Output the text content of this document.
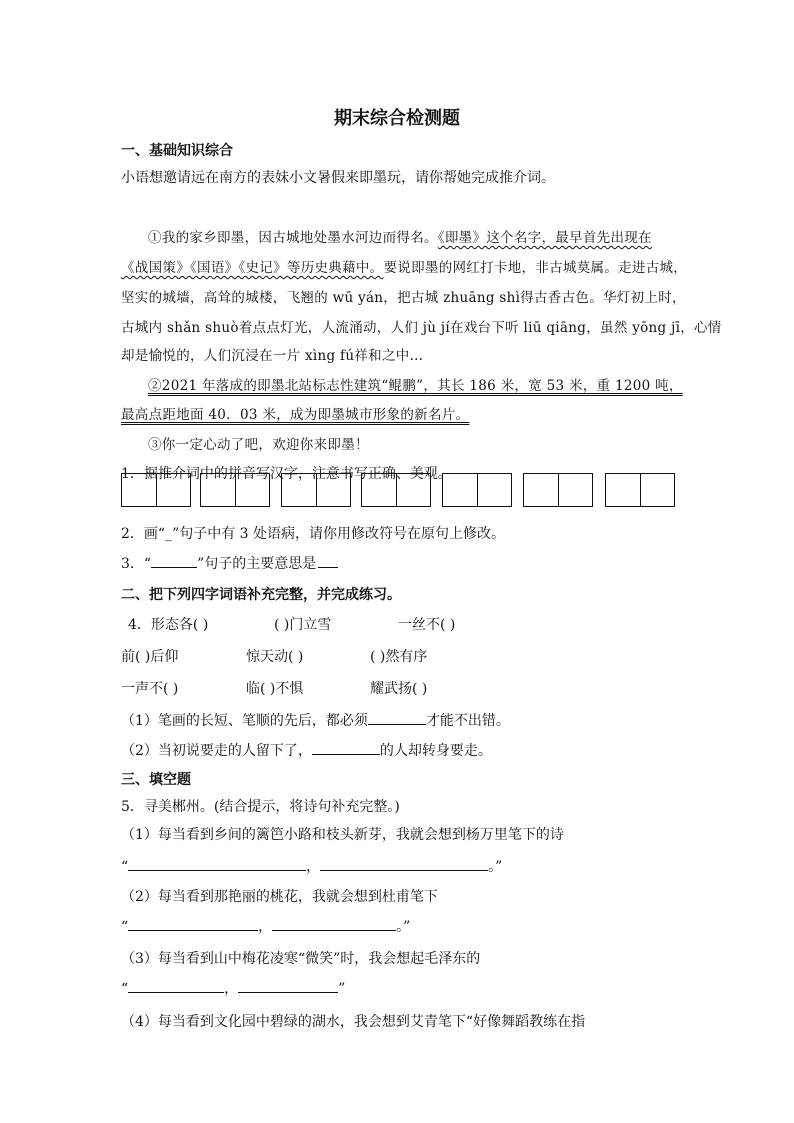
期末综合检测题
一、基础知识综合
小语想邀请远在南方的表妹小文暑假来即墨玩，请你帮她完成推介词。
①我的家乡即墨，因古城地处墨水河边而得名。《即墨》这个名字，最早首先出现在
《战国策》《国语》《史记》等历史典藉中。要说即墨的网红打卡地，非古城莫属。走进古城，
坚实的城墙，高耸的城楼，飞翘的 wū yán，把古城 zhuāng shì得古香古色。华灯初上时，
古城内 shǎn shuò着点点灯光，人流涌动，人们 jù jí在戏台下听 liū qiāng，虽然 yōng jī，心情
却是愉悦的，人们沉浸在一片 xìng fú祥和之中…
②2021 年落成的即墨北站标志性建筑“鲲鹏”，其长 186 米，宽 53 米，重 1200 吨，
最高点距地面 40．03 米，成为即墨城市形象的新名片。
③你一定心动了吧，欢迎你来即墨！
1．据推介词中的拼音写汉字，注意书写正确、美观。
2．画“_”句子中有 3 处语病，请你用修改符号在原句上修改。
3．“	”句子的主要意思是
二、把下列四字词语补充完整，并完成练习。
4．形态各( )	( )门立雪	一丝不( )
前( )后仰	惊天动( )	( )然有序
一声不( )	临( )不惧	耀武扬( )
（1）笔画的长短、笔顺的先后，都必须	才能不出错。
（2）当初说要走的人留下了，	的人却转身要走。
三、填空题
5．寻美郴州。(结合提示，将诗句补充完整。)
（1）每当看到乡间的篱笆小路和枝头新芽，我就会想到杨万里笔下的诗
“	，	。”
（2）每当看到那艳丽的桃花，我就会想到杜甫笔下
“	，	。”
（3）每当看到山中梅花凌寒“微笑”时，我会想起毛泽东的
“	，	”
（4）每当看到文化园中碧绿的湖水，我会想到艾青笔下“好像舞蹈教练在指
